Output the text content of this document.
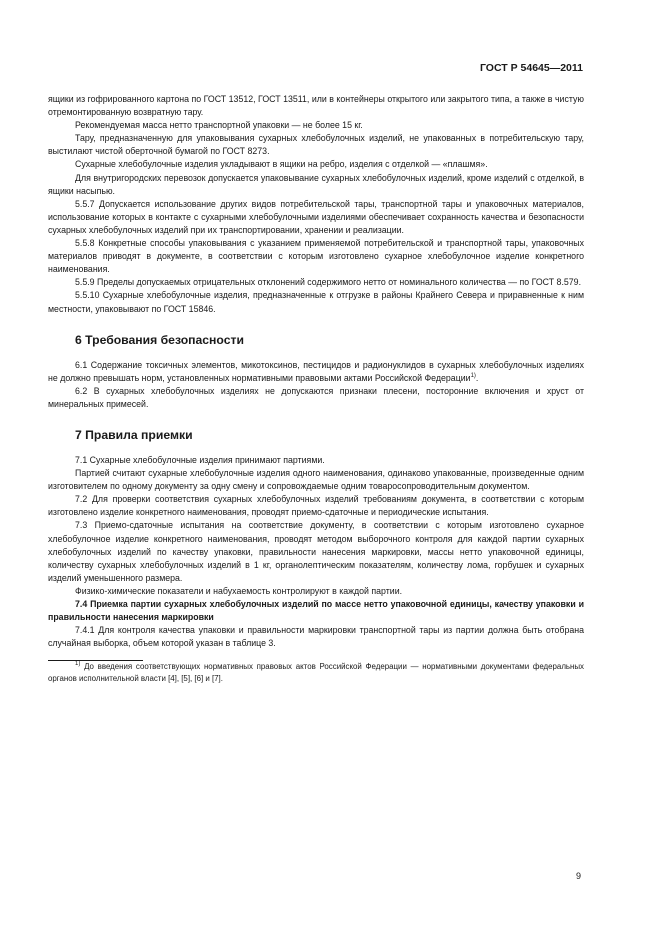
ГОСТ Р 54645—2011

ящики из гофрированного картона по ГОСТ 13512, ГОСТ 13511, или в контейнеры открытого или закрытого типа, а также в чистую отремонтированную возвратную тару.

Рекомендуемая масса нетто транспортной упаковки — не более 15 кг.

Тару, предназначенную для упаковывания сухарных хлебобулочных изделий, не упакованных в потребительскую тару, выстилают чистой оберточной бумагой по ГОСТ 8273.

Сухарные хлебобулочные изделия укладывают в ящики на ребро, изделия с отделкой — «плашмя».

Для внутригородских перевозок допускается упаковывание сухарных хлебобулочных изделий, кроме изделий с отделкой, в ящики насыпью.

5.5.7 Допускается использование других видов потребительской тары, транспортной тары и упаковочных материалов, использование которых в контакте с сухарными хлебобулочными изделиями обеспечивает сохранность качества и безопасности сухарных хлебобулочных изделий при их транспортировании, хранении и реализации.

5.5.8 Конкретные способы упаковывания с указанием применяемой потребительской и транспортной тары, упаковочных материалов приводят в документе, в соответствии с которым изготовлено сухарное хлебобулочное изделие конкретного наименования.

5.5.9 Пределы допускаемых отрицательных отклонений содержимого нетто от номинального количества — по ГОСТ 8.579.

5.5.10 Сухарные хлебобулочные изделия, предназначенные к отгрузке в районы Крайнего Севера и приравненные к ним местности, упаковывают по ГОСТ 15846.

6 Требования безопасности

6.1 Содержание токсичных элементов, микотоксинов, пестицидов и радионуклидов в сухарных хлебобулочных изделиях не должно превышать норм, установленных нормативными правовыми актами Российской Федерации$^{1)}$.

6.2 В сухарных хлебобулочных изделиях не допускаются признаки плесени, посторонние включения и хруст от минеральных примесей.

7 Правила приемки

7.1 Сухарные хлебобулочные изделия принимают партиями.

Партией считают сухарные хлебобулочные изделия одного наименования, одинаково упакованные, произведенные одним изготовителем по одному документу за одну смену и сопровождаемые одним товаросопроводительным документом.

7.2 Для проверки соответствия сухарных хлебобулочных изделий требованиям документа, в соответствии с которым изготовлено изделие конкретного наименования, проводят приемо-сдаточные и периодические испытания.

7.3 Приемо-сдаточные испытания на соответствие документу, в соответствии с которым изготовлено сухарное хлебобулочное изделие конкретного наименования, проводят методом выборочного контроля для каждой партии сухарных хлебобулочных изделий по качеству упаковки, правильности нанесения маркировки, массы нетто упаковочной единицы, количеству сухарных хлебобулочных изделий в 1 кг, органолептическим показателям, количеству лома, горбушек и сухарных изделий уменьшенного размера.

Физико-химические показатели и набухаемость контролируют в каждой партии.

7.4 Приемка партии сухарных хлебобулочных изделий по массе нетто упаковочной единицы, качеству упаковки и правильности нанесения маркировки

7.4.1 Для контроля качества упаковки и правильности маркировки транспортной тары из партии должна быть отобрана случайная выборка, объем которой указан в таблице 3.

$^{1)}$ До введения соответствующих нормативных правовых актов Российской Федерации — нормативными документами федеральных органов исполнительной власти [4], [5], [6] и [7].

9
